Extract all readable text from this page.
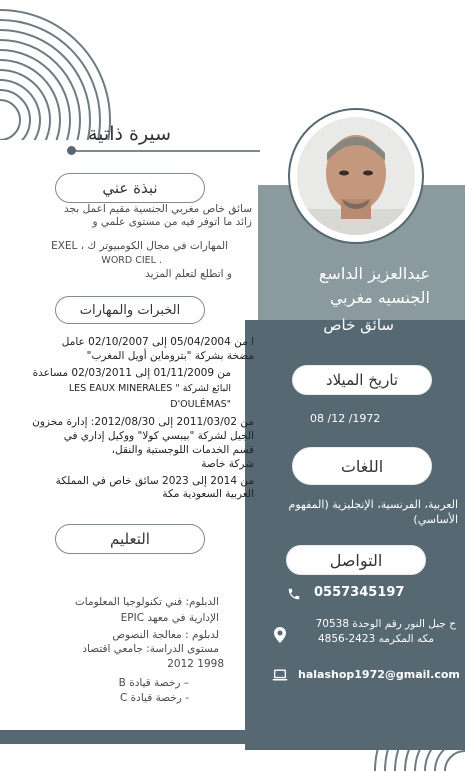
سيرة ذاتية
عبدالعزيز الداسع
الجنسيه مغربي
سائق خاص
نبذة عني
سائق خاص مغربي الجنسية مقيم اعمل بجد
زائد ما اتوفر فيه من مستوى علمي و
المهارات في مجال الكومبيوتر ك ، EXEL
WORD CIEL .
و اتطلع لتعلم المزيد
الخبرات والمهارات
ا من 05/04/2004 إلى 02/10/2007 عامل
مضخة بشركة "بتروماين أويل المغرب"
من 01/11/2009 إلى 02/03/2011 مساعدة
البائع لشركة " LES EAUX MINERALES
D'OULÉMAS"
من 2011/03/02 إلى 2012/08/30: إدارة مخزون
الجيل لشركة "بيبسي كولا" ووكيل إداري في
قسم الخدمات اللوجستية والنقل،
شركة خاصة
من 2014 إلى 2023 سائق خاص في المملكة
العربية السعودية مكة
التعليم
الدبلوم: فني تكنولوجيا المعلومات
الإدارية في معهد EPIC
لدبلوم : معالجة النصوص
مستوى الدراسة: جامعي اقتصاد
2012 1998
– رخصة قيادة B
- رخصة قيادة C
تاريخ الميلاد
08 /12 /1972
اللغات
العربية، الفرنسية، الإنجليزية (المفهوم الأساسي)
التواصل
0557345197
ح جبل النور رقم الوحدة 70538
مكه المكرمه 2423-4856
halashop1972@gmail.com
